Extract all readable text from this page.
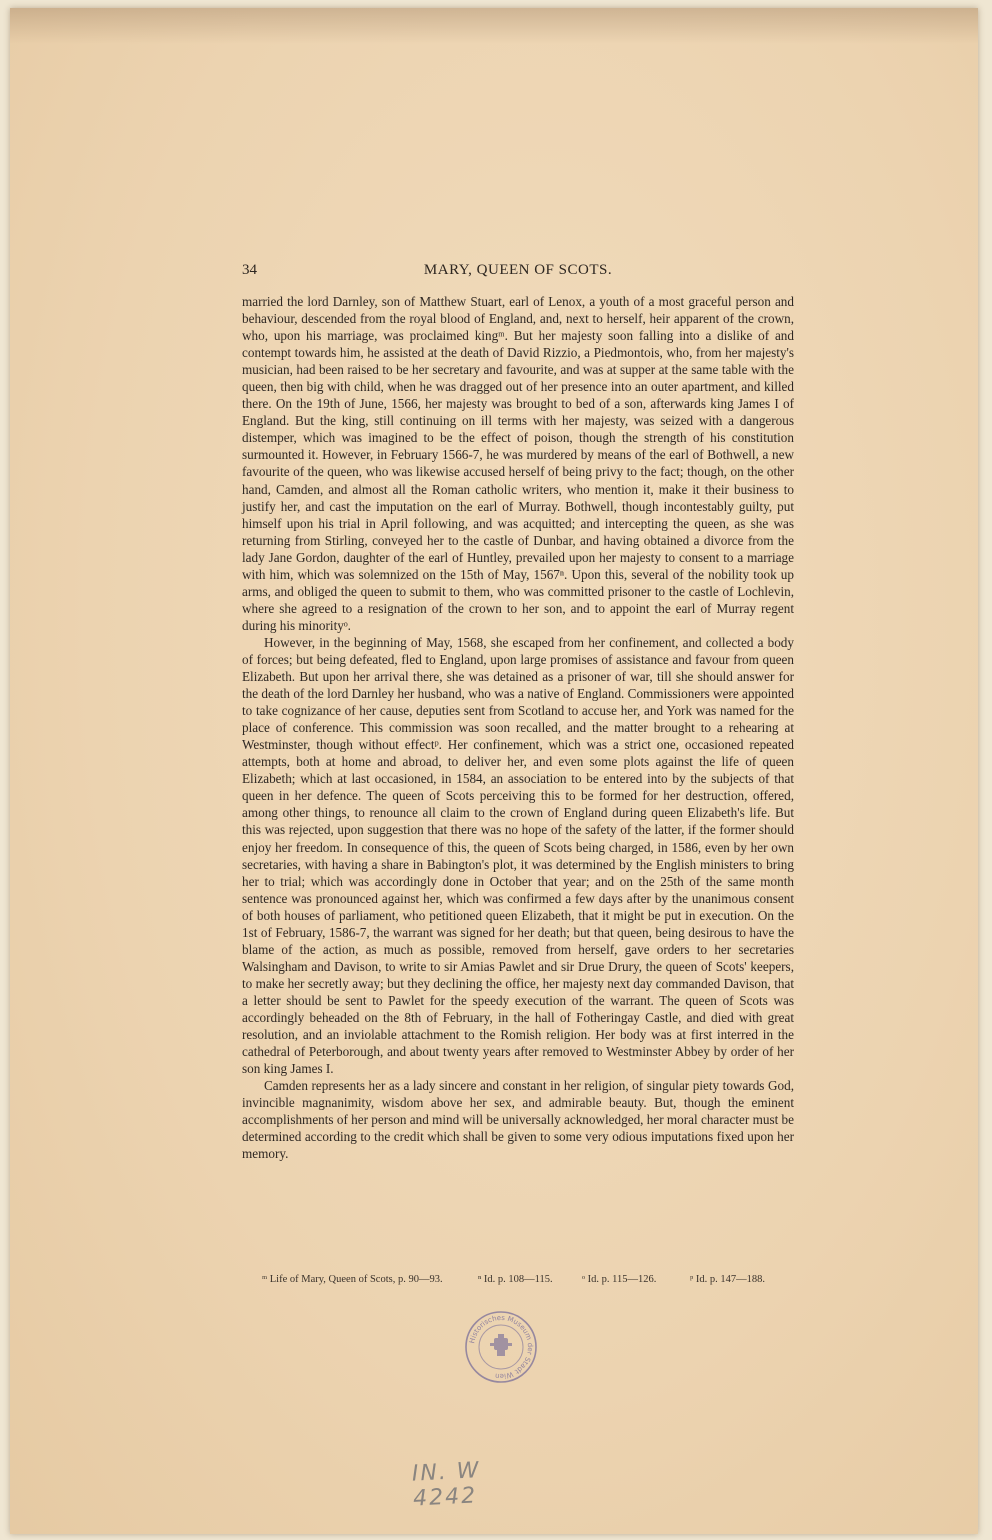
34	MARY, QUEEN OF SCOTS.

married the lord Darnley, son of Matthew Stuart, earl of Lenox, a youth of a most graceful person and behaviour, descended from the royal blood of England, and, next to herself, heir apparent of the crown, who, upon his marriage, was proclaimed kingᵐ. But her majesty soon falling into a dislike of and contempt towards him, he assisted at the death of David Rizzio, a Piedmontois, who, from her majesty's musician, had been raised to be her secretary and favourite, and was at supper at the same table with the queen, then big with child, when he was dragged out of her presence into an outer apartment, and killed there. On the 19th of June, 1566, her majesty was brought to bed of a son, afterwards king James I of England. But the king, still continuing on ill terms with her majesty, was seized with a dangerous distemper, which was imagined to be the effect of poison, though the strength of his constitution surmounted it. However, in February 1566-7, he was murdered by means of the earl of Bothwell, a new favourite of the queen, who was likewise accused herself of being privy to the fact; though, on the other hand, Camden, and almost all the Roman catholic writers, who mention it, make it their business to justify her, and cast the imputation on the earl of Murray. Bothwell, though incontestably guilty, put himself upon his trial in April following, and was acquitted; and intercepting the queen, as she was returning from Stirling, conveyed her to the castle of Dunbar, and having obtained a divorce from the lady Jane Gordon, daughter of the earl of Huntley, prevailed upon her majesty to consent to a marriage with him, which was solemnized on the 15th of May, 1567ⁿ. Upon this, several of the nobility took up arms, and obliged the queen to submit to them, who was committed prisoner to the castle of Lochlevin, where she agreed to a resignation of the crown to her son, and to appoint the earl of Murray regent during his minorityᵒ.

However, in the beginning of May, 1568, she escaped from her confinement, and collected a body of forces; but being defeated, fled to England, upon large promises of assistance and favour from queen Elizabeth. But upon her arrival there, she was detained as a prisoner of war, till she should answer for the death of the lord Darnley her husband, who was a native of England. Commissioners were appointed to take cognizance of her cause, deputies sent from Scotland to accuse her, and York was named for the place of conference. This commission was soon recalled, and the matter brought to a rehearing at Westminster, though without effectᵖ. Her confinement, which was a strict one, occasioned repeated attempts, both at home and abroad, to deliver her, and even some plots against the life of queen Elizabeth; which at last occasioned, in 1584, an association to be entered into by the subjects of that queen in her defence. The queen of Scots perceiving this to be formed for her destruction, offered, among other things, to renounce all claim to the crown of England during queen Elizabeth's life. But this was rejected, upon suggestion that there was no hope of the safety of the latter, if the former should enjoy her freedom. In consequence of this, the queen of Scots being charged, in 1586, even by her own secretaries, with having a share in Babington's plot, it was determined by the English ministers to bring her to trial; which was accordingly done in October that year; and on the 25th of the same month sentence was pronounced against her, which was confirmed a few days after by the unanimous consent of both houses of parliament, who petitioned queen Elizabeth, that it might be put in execution. On the 1st of February, 1586-7, the warrant was signed for her death; but that queen, being desirous to have the blame of the action, as much as possible, removed from herself, gave orders to her secretaries Walsingham and Davison, to write to sir Amias Pawlet and sir Drue Drury, the queen of Scots' keepers, to make her secretly away; but they declining the office, her majesty next day commanded Davison, that a letter should be sent to Pawlet for the speedy execution of the warrant. The queen of Scots was accordingly beheaded on the 8th of February, in the hall of Fotheringay Castle, and died with great resolution, and an inviolable attachment to the Romish religion. Her body was at first interred in the cathedral of Peterborough, and about twenty years after removed to Westminster Abbey by order of her son king James I.

Camden represents her as a lady sincere and constant in her religion, of singular piety towards God, invincible magnanimity, wisdom above her sex, and admirable beauty. But, though the eminent accomplishments of her person and mind will be universally acknowledged, her moral character must be determined according to the credit which shall be given to some very odious imputations fixed upon her memory.

ᵐ Life of Mary, Queen of Scots, p. 90—93.	ⁿ Id. p. 108—115.	ᵒ Id. p. 115—126.	ᵖ Id. p. 147—188.
Historisches Museum der Stadt Wien
IN. W 4242
